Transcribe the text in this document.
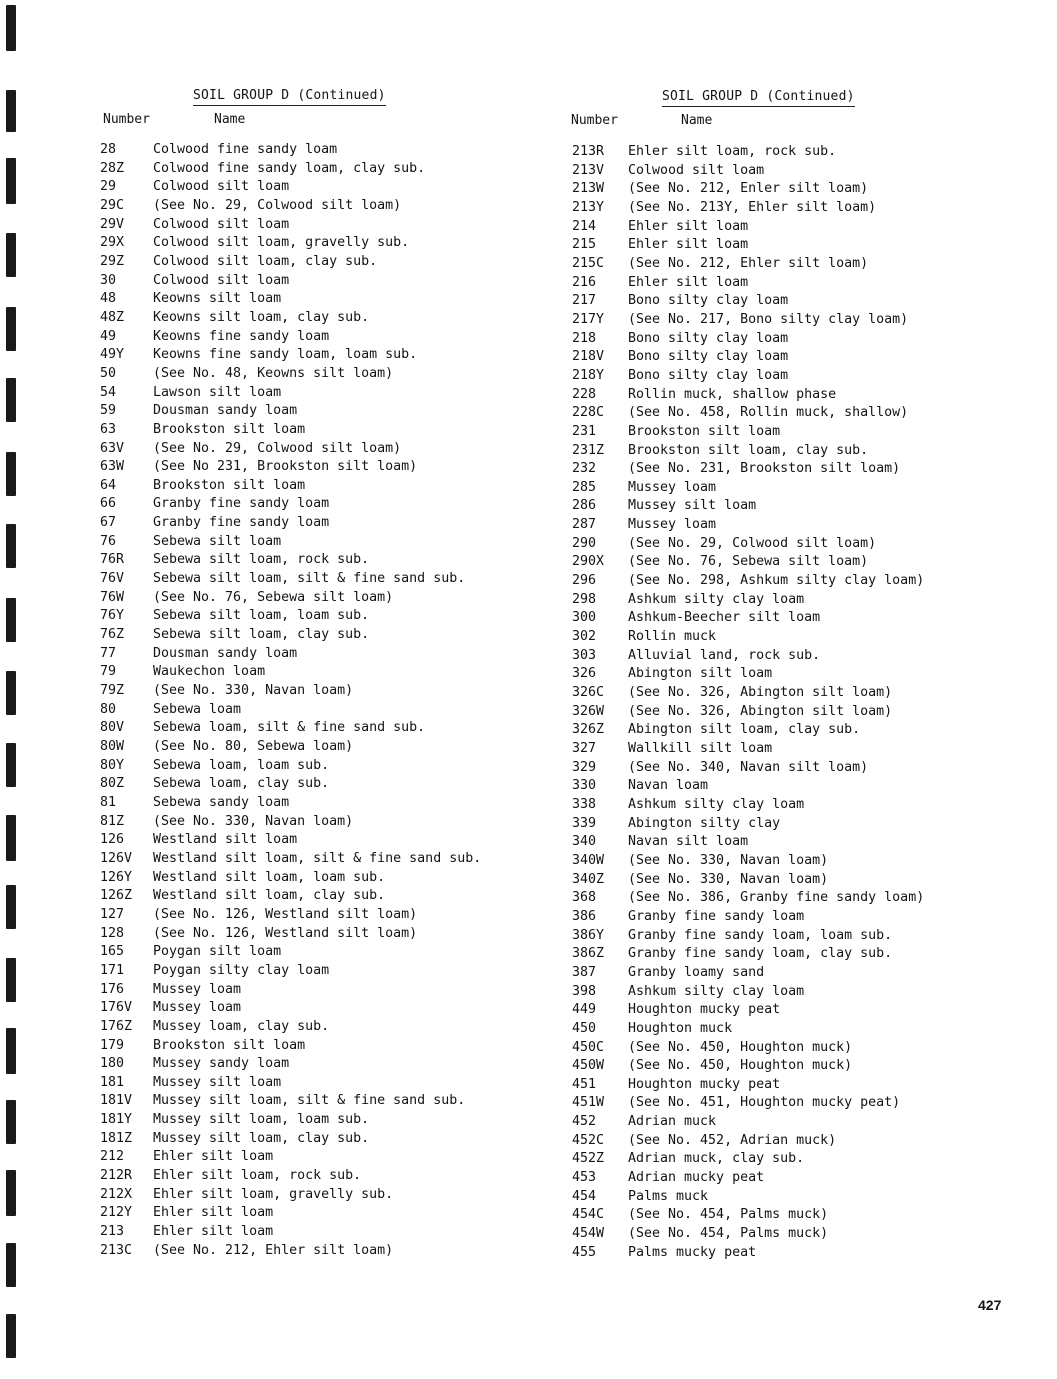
SOIL GROUP D (Continued)
Number	Name
28	Colwood fine sandy loam
28Z Colwood fine sandy loam, clay sub.
29	Colwood silt loam
29C (See No. 29, Colwood silt loam)
29V Colwood silt loam
29X Colwood silt loam, gravelly sub.
29Z Colwood silt loam, clay sub.
30	Colwood silt loam
48	Keowns silt loam
48Z Keowns silt loam, clay sub.
49	Keowns fine sandy loam
49Y Keowns fine sandy loam, loam sub.
50	(See No. 48, Keowns silt loam)
54	Lawson silt loam
59	Dousman sandy loam
63	Brookston silt loam
63V (See No. 29, Colwood silt loam)
63W (See No 231, Brookston silt loam)
64	Brookston silt loam
66	Granby fine sandy loam
67	Granby fine sandy loam
76	Sebewa silt loam
76R Sebewa silt loam, rock sub.
76V Sebewa silt loam, silt & fine sand sub.
76W (See No. 76, Sebewa silt loam)
76Y Sebewa silt loam, loam sub.
76Z Sebewa silt loam, clay sub.
77	Dousman sandy loam
79	Waukechon loam
79Z (See No. 330, Navan loam)
80	Sebewa loam
80V Sebewa loam, silt & fine sand sub.
80W (See No. 80, Sebewa loam)
80Y Sebewa loam, loam sub.
80Z Sebewa loam, clay sub.
81	Sebewa sandy loam
81Z (See No. 330, Navan loam)
126 Westland silt loam
126V Westland silt loam, silt & fine sand sub.
126Y Westland silt loam, loam sub.
126Z Westland silt loam, clay sub.
127 (See No. 126, Westland silt loam)
128 (See No. 126, Westland silt loam)
165 Poygan silt loam
171 Poygan silty clay loam
176 Mussey loam
176V Mussey loam
176Z Mussey loam, clay sub.
179 Brookston silt loam
180 Mussey sandy loam
181 Mussey silt loam
181V Mussey silt loam, silt & fine sand sub.
181Y Mussey silt loam, loam sub.
181Z Mussey silt loam, clay sub.
212 Ehler silt loam
212R Ehler silt loam, rock sub.
212X Ehler silt loam, gravelly sub.
212Y Ehler silt loam
213 Ehler silt loam
213C (See No. 212, Ehler silt loam)
SOIL GROUP D (Continued)
Number	Name
213R Ehler silt loam, rock sub.
213V Colwood silt loam
213W (See No. 212, Enler silt loam)
213Y (See No. 213Y, Ehler silt loam)
214 Ehler silt loam
215 Ehler silt loam
215C (See No. 212, Ehler silt loam)
216 Ehler silt loam
217 Bono silty clay loam
217Y (See No. 217, Bono silty clay loam)
218 Bono silty clay loam
218V Bono silty clay loam
218Y Bono silty clay loam
228 Rollin muck, shallow phase
228C (See No. 458, Rollin muck, shallow)
231 Brookston silt loam
231Z Brookston silt loam, clay sub.
232 (See No. 231, Brookston silt loam)
285 Mussey loam
286 Mussey silt loam
287 Mussey loam
290 (See No. 29, Colwood silt loam)
290X (See No. 76, Sebewa silt loam)
296 (See No. 298, Ashkum silty clay loam)
298 Ashkum silty clay loam
300 Ashkum-Beecher silt loam
302 Rollin muck
303 Alluvial land, rock sub.
326 Abington silt loam
326C (See No. 326, Abington silt loam)
326W (See No. 326, Abington silt loam)
326Z Abington silt loam, clay sub.
327 Wallkill silt loam
329 (See No. 340, Navan silt loam)
330 Navan loam
338 Ashkum silty clay loam
339 Abington silty clay
340 Navan silt loam
340W (See No. 330, Navan loam)
340Z (See No. 330, Navan loam)
368 (See No. 386, Granby fine sandy loam)
386 Granby fine sandy loam
386Y Granby fine sandy loam, loam sub.
386Z Granby fine sandy loam, clay sub.
387 Granby loamy sand
398 Ashkum silty clay loam
449 Houghton mucky peat
450 Houghton muck
450C (See No. 450, Houghton muck)
450W (See No. 450, Houghton muck)
451 Houghton mucky peat
451W (See No. 451, Houghton mucky peat)
452 Adrian muck
452C (See No. 452, Adrian muck)
452Z Adrian muck, clay sub.
453 Adrian mucky peat
454 Palms muck
454C (See No. 454, Palms muck)
454W (See No. 454, Palms muck)
455 Palms mucky peat
427
